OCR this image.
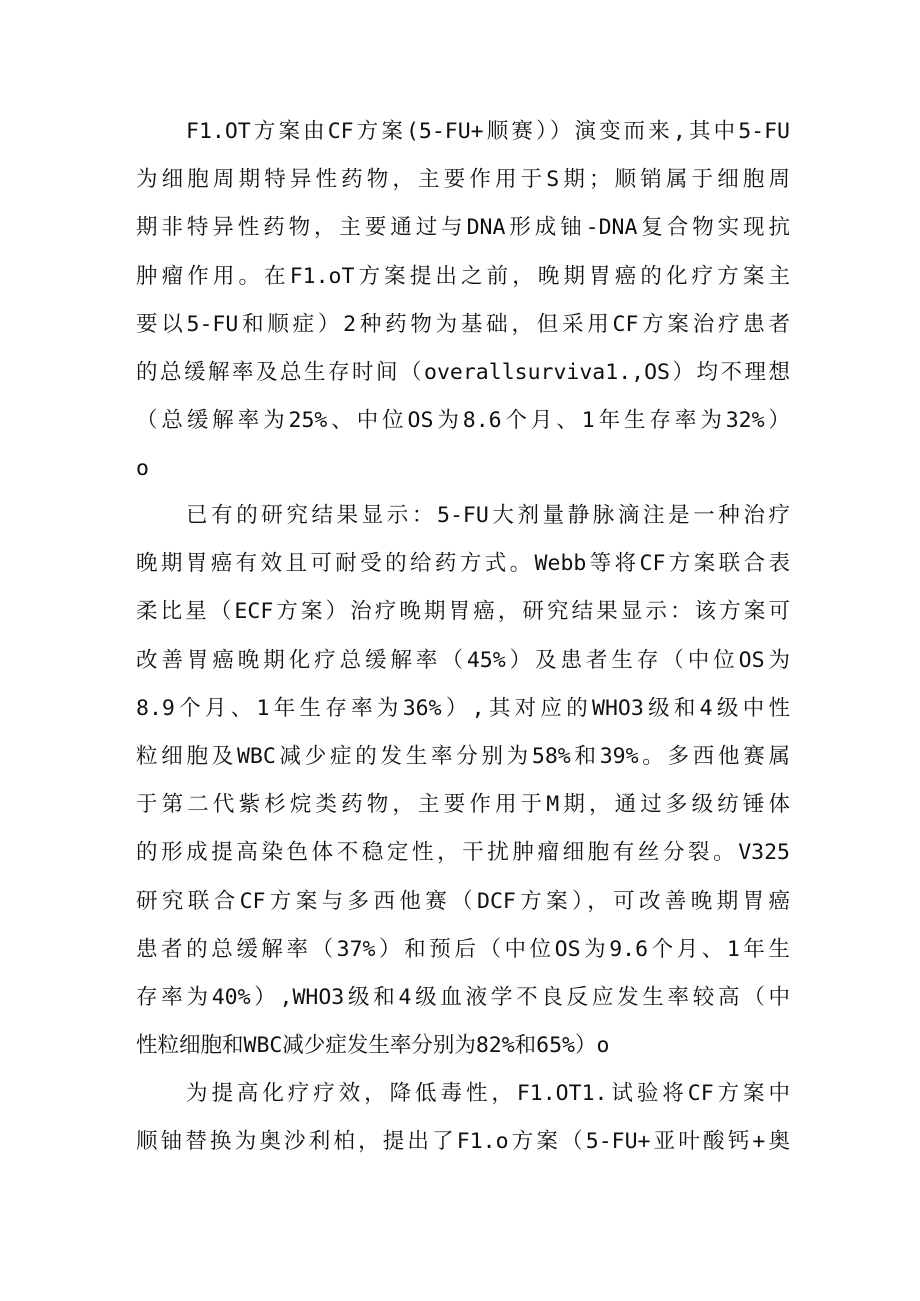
F1.OT方案由CF方案(5-FU+顺赛））演变而来,其中5-FU
为细胞周期特异性药物，主要作用于S期；顺销属于细胞周
期非特异性药物，主要通过与DNA形成铀-DNA复合物实现抗
肿瘤作用。在F1.oT方案提出之前，晚期胃癌的化疗方案主
要以5-FU和顺症）2种药物为基础，但采用CF方案治疗患者
的总缓解率及总生存时间（overallsurviva1.,OS）均不理想
（总缓解率为25%、中位OS为8.6个月、1年生存率为32%）
o
已有的研究结果显示：5-FU大剂量静脉滴注是一种治疗
晚期胃癌有效且可耐受的给药方式。Webb等将CF方案联合表
柔比星（ECF方案）治疗晚期胃癌，研究结果显示：该方案可
改善胃癌晚期化疗总缓解率（45%）及患者生存（中位OS为
8.9个月、1年生存率为36%）,其对应的WHO3级和4级中性
粒细胞及WBC减少症的发生率分别为58%和39%。多西他赛属
于第二代紫杉烷类药物，主要作用于M期，通过多级纺锤体
的形成提高染色体不稳定性，干扰肿瘤细胞有丝分裂。V325
研究联合CF方案与多西他赛（DCF方案），可改善晚期胃癌
患者的总缓解率（37%）和预后（中位OS为9.6个月、1年生
存率为40%）,WHO3级和4级血液学不良反应发生率较高（中
性粒细胞和WBC减少症发生率分别为82%和65%）o
为提高化疗疗效，降低毒性，F1.OT1.试验将CF方案中
顺铀替换为奥沙利柏，提出了F1.o方案（5-FU+亚叶酸钙+奥
